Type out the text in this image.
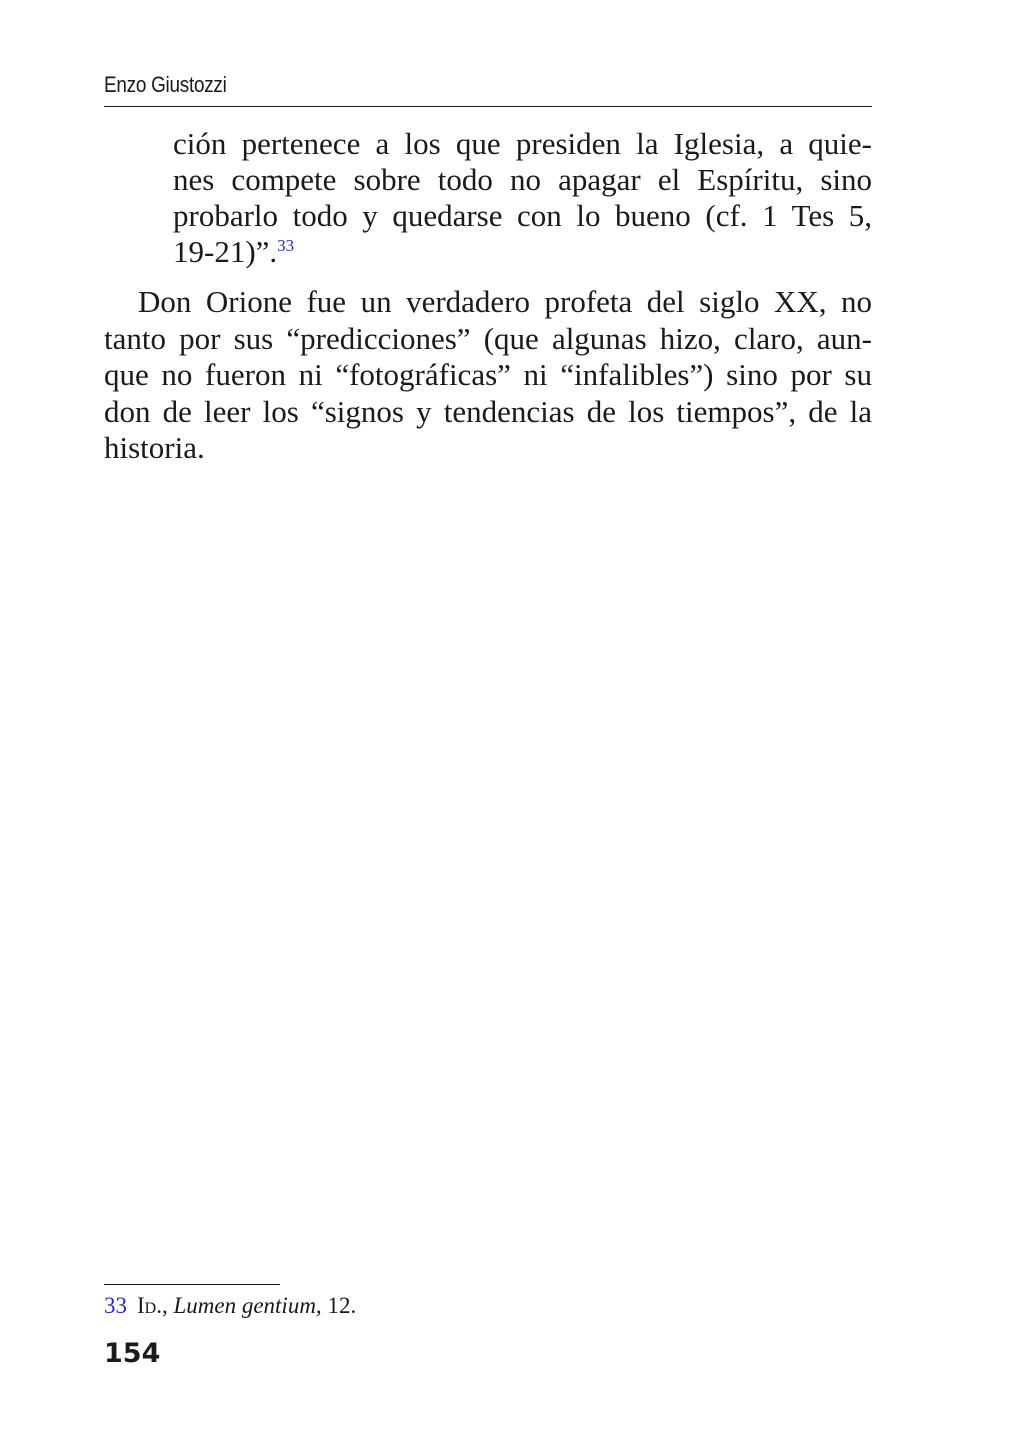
Enzo Giustozzi
ción pertenece a los que presiden la Iglesia, a quie-
nes compete sobre todo no apagar el Espíritu, sino
probarlo todo y quedarse con lo bueno (cf. 1 Tes 5,
19-21)”.$^{33}$
Don Orione fue un verdadero profeta del siglo XX, no
tanto por sus “predicciones” (que algunas hizo, claro, aun-
que no fueron ni “fotográficas” ni “infalibles”) sino por su
don de leer los “signos y tendencias de los tiempos”, de la
historia.
33 Id., Lumen gentium, 12.
154
